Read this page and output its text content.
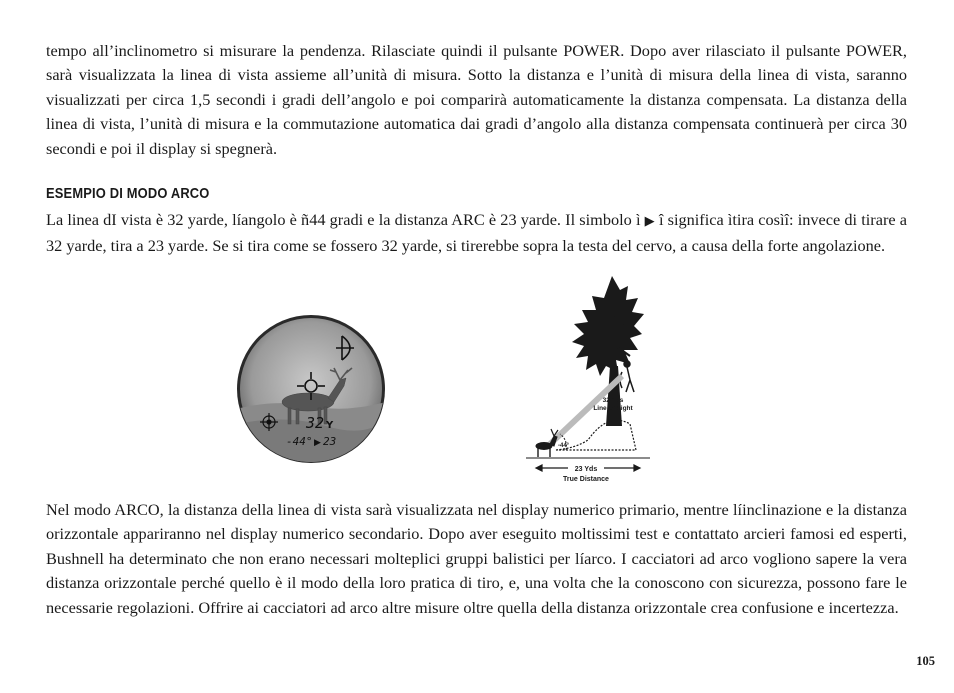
tempo all’inclinometro si misurare la pendenza. Rilasciate quindi il pulsante POWER. Dopo aver rilasciato il pulsante POWER, sarà visualizzata la linea di vista assieme all’unità di misura. Sotto la distanza e l’unità di misura della linea di vista, saranno visualizzati per circa 1,5 secondi i gradi dell’angolo e poi comparirà automaticamente la distanza compensata. La distanza della linea di vista, l’unità di misura e la commutazione automatica dai gradi d’angolo alla distanza compensata continuerà per circa 30 secondi e poi il display si spegnerà.

ESEMPIO DI MODO ARCO

La linea dI vista è 32 yarde, líangolo è ñ44 gradi e la distanza ARC è 23 yarde. Il simbolo ì ▶ î significa ìtira cosìî: invece di tirare a 32 yarde, tira a 23 yarde. Se si tira come se fossero 32 yarde, si tirerebbe sopra la testa del cervo, a causa della forte angolazione.

32 Y
-44° ▶ 23
32 Yds
Line of Sight
-44°
23 Yds
True Distance

Nel modo ARCO, la distanza della linea di vista sarà visualizzata nel display numerico primario, mentre líinclinazione e la distanza orizzontale appariranno nel display numerico secondario. Dopo aver eseguito moltissimi test e contattato arcieri famosi ed esperti, Bushnell ha determinato che non erano necessari molteplici gruppi balistici per líarco. I cacciatori ad arco vogliono sapere la vera distanza orizzontale perché quello è il modo della loro pratica di tiro, e, una volta che la conoscono con sicurezza, possono fare le necessarie regolazioni. Offrire ai cacciatori ad arco altre misure oltre quella della distanza orizzontale crea confusione e incertezza.

105
